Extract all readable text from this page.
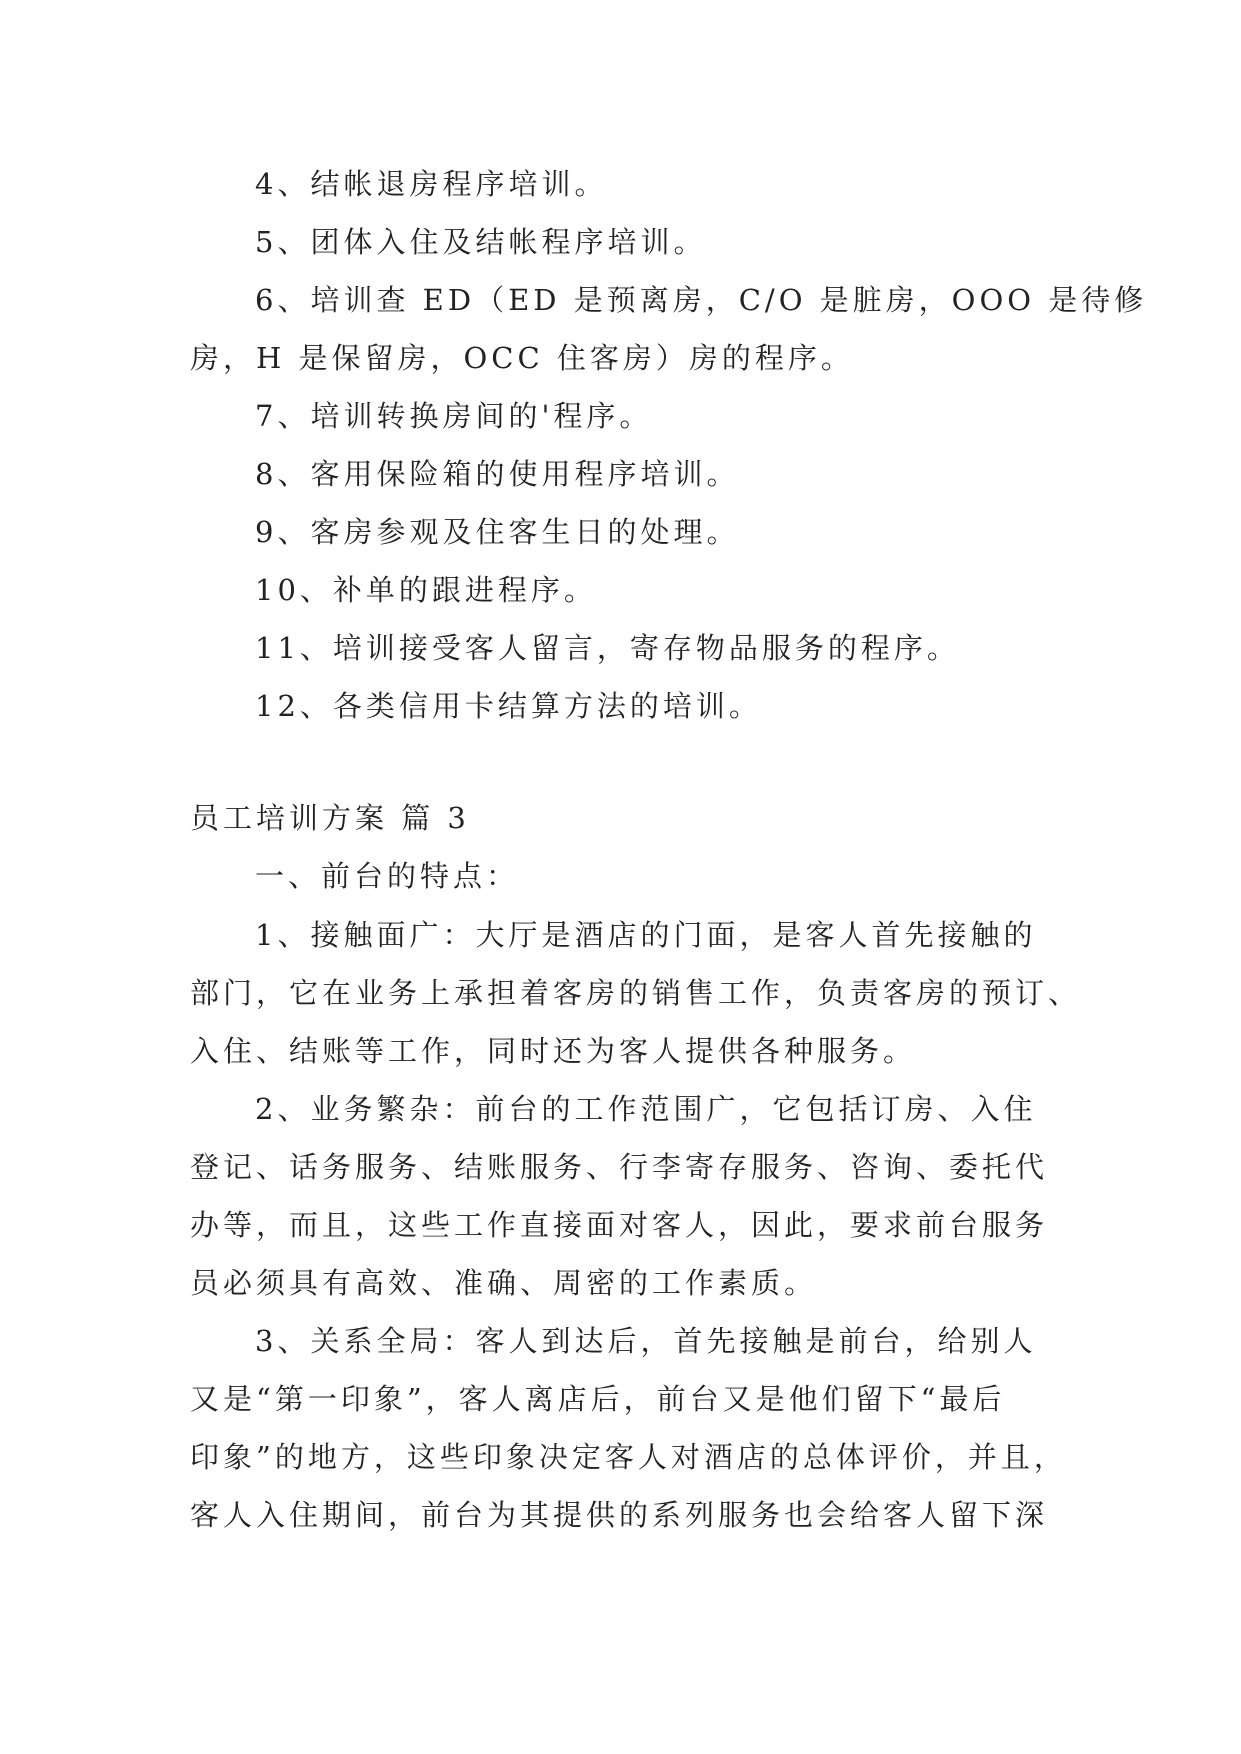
4、结帐退房程序培训。
5、团体入住及结帐程序培训。
6、培训查 ED（ED 是预离房，C/O 是脏房，OOO 是待修
房，H 是保留房，OCC 住客房）房的程序。
7、培训转换房间的'程序。
8、客用保险箱的使用程序培训。
9、客房参观及住客生日的处理。
10、补单的跟进程序。
11、培训接受客人留言，寄存物品服务的程序。
12、各类信用卡结算方法的培训。
员工培训方案 篇 3
一、前台的特点：
1、接触面广：大厅是酒店的门面，是客人首先接触的
部门，它在业务上承担着客房的销售工作，负责客房的预订、
入住、结账等工作，同时还为客人提供各种服务。
2、业务繁杂：前台的工作范围广，它包括订房、入住
登记、话务服务、结账服务、行李寄存服务、咨询、委托代
办等，而且，这些工作直接面对客人，因此，要求前台服务
员必须具有高效、准确、周密的工作素质。
3、关系全局：客人到达后，首先接触是前台，给别人
又是“第一印象”，客人离店后，前台又是他们留下“最后
印象”的地方，这些印象决定客人对酒店的总体评价，并且，
客人入住期间，前台为其提供的系列服务也会给客人留下深
